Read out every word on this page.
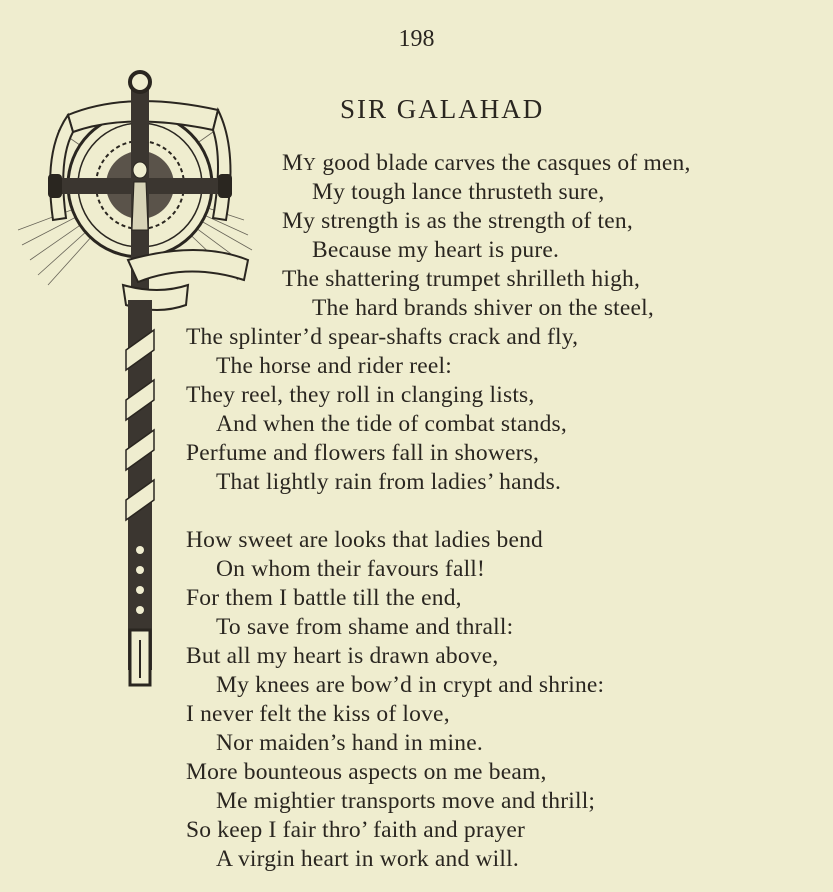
198
SIR GALAHAD
MY good blade carves the casques of men,
My tough lance thrusteth sure,
My strength is as the strength of ten,
Because my heart is pure.
The shattering trumpet shrilleth high,
The hard brands shiver on the steel,
The splinter’d spear-shafts crack and fly,
The horse and rider reel:
They reel, they roll in clanging lists,
And when the tide of combat stands,
Perfume and flowers fall in showers,
That lightly rain from ladies’ hands.
How sweet are looks that ladies bend
On whom their favours fall!
For them I battle till the end,
To save from shame and thrall:
But all my heart is drawn above,
My knees are bow’d in crypt and shrine:
I never felt the kiss of love,
Nor maiden’s hand in mine.
More bounteous aspects on me beam,
Me mightier transports move and thrill;
So keep I fair thro’ faith and prayer
A virgin heart in work and will.
